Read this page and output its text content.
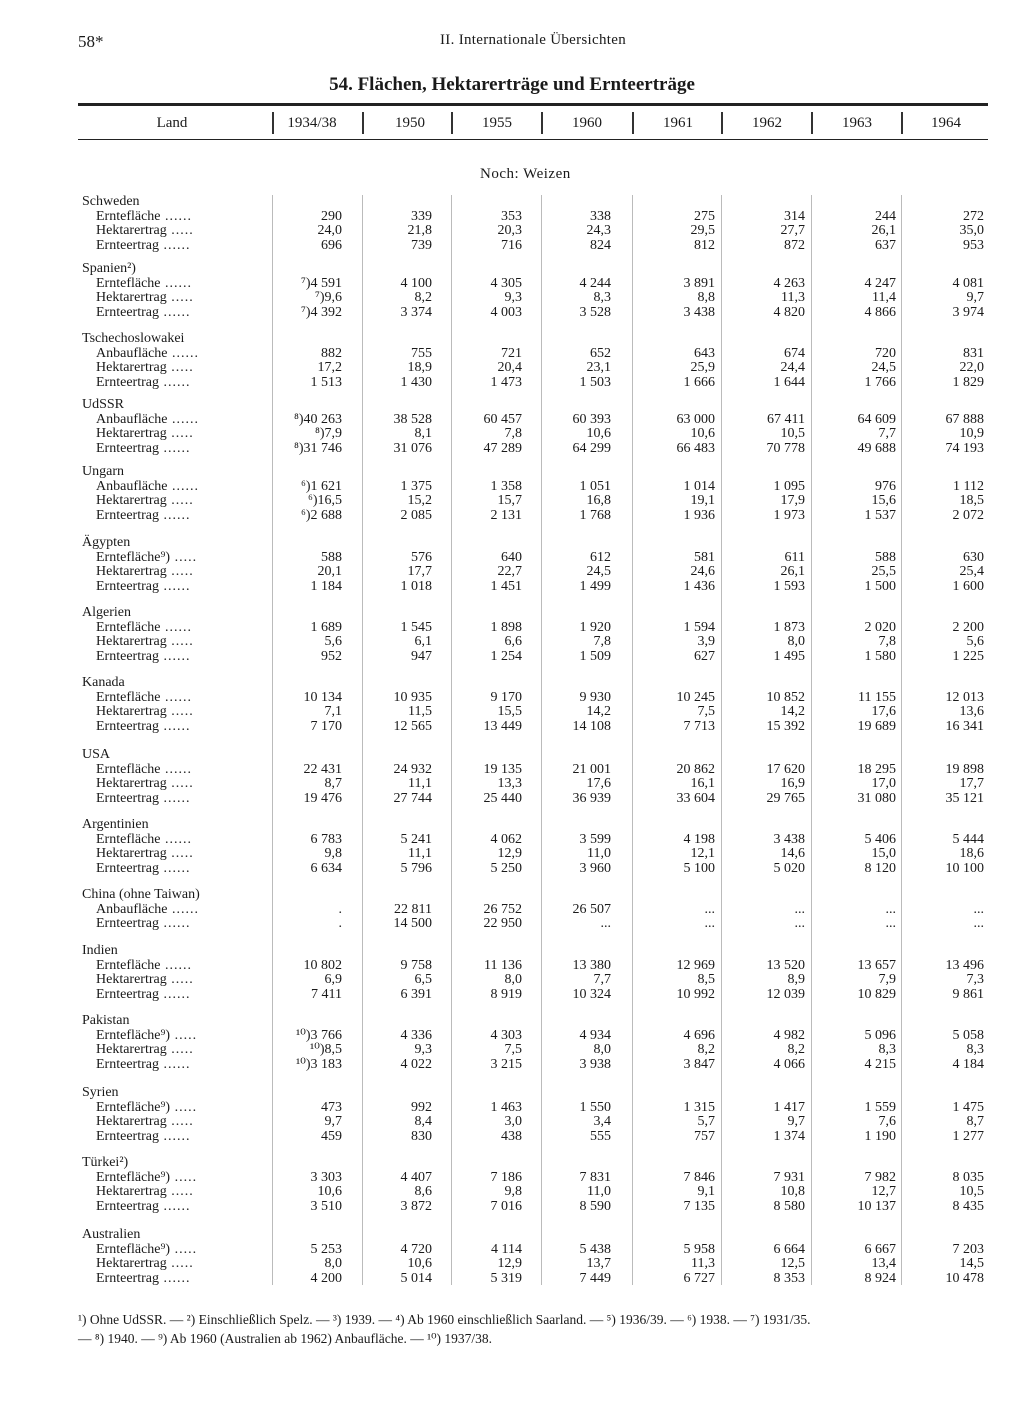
58*	II. Internationale Übersichten
54. Flächen, Hektarerträge und Ernteerträge
Land	1934/38	1950	1955	1960	1961	1962	1963	1964
Noch: Weizen
Schweden
Erntefläche ......	290	339	353	338	275	314	244	272
Hektarertrag .....	24,0	21,8	20,3	24,3	29,5	27,7	26,1	35,0
Ernteertrag ......	696	739	716	824	812	872	637	953
Spanien²)
Erntefläche ......	⁷)4 591	4 100	4 305	4 244	3 891	4 263	4 247	4 081
Hektarertrag .....	⁷)9,6	8,2	9,3	8,3	8,8	11,3	11,4	9,7
Ernteertrag ......	⁷)4 392	3 374	4 003	3 528	3 438	4 820	4 866	3 974
Tschechoslowakei
Anbaufläche ......	882	755	721	652	643	674	720	831
Hektarertrag .....	17,2	18,9	20,4	23,1	25,9	24,4	24,5	22,0
Ernteertrag ......	1 513	1 430	1 473	1 503	1 666	1 644	1 766	1 829
UdSSR
Anbaufläche ......	⁸)40 263	38 528	60 457	60 393	63 000	67 411	64 609	67 888
Hektarertrag .....	⁸)7,9	8,1	7,8	10,6	10,6	10,5	7,7	10,9
Ernteertrag ......	⁸)31 746	31 076	47 289	64 299	66 483	70 778	49 688	74 193
Ungarn
Anbaufläche ......	⁶)1 621	1 375	1 358	1 051	1 014	1 095	976	1 112
Hektarertrag .....	⁶)16,5	15,2	15,7	16,8	19,1	17,9	15,6	18,5
Ernteertrag ......	⁶)2 688	2 085	2 131	1 768	1 936	1 973	1 537	2 072
Ägypten
Erntefläche⁹) .....	588	576	640	612	581	611	588	630
Hektarertrag .....	20,1	17,7	22,7	24,5	24,6	26,1	25,5	25,4
Ernteertrag ......	1 184	1 018	1 451	1 499	1 436	1 593	1 500	1 600
Algerien
Erntefläche ......	1 689	1 545	1 898	1 920	1 594	1 873	2 020	2 200
Hektarertrag .....	5,6	6,1	6,6	7,8	3,9	8,0	7,8	5,6
Ernteertrag ......	952	947	1 254	1 509	627	1 495	1 580	1 225
Kanada
Erntefläche ......	10 134	10 935	9 170	9 930	10 245	10 852	11 155	12 013
Hektarertrag .....	7,1	11,5	15,5	14,2	7,5	14,2	17,6	13,6
Ernteertrag ......	7 170	12 565	13 449	14 108	7 713	15 392	19 689	16 341
USA
Erntefläche ......	22 431	24 932	19 135	21 001	20 862	17 620	18 295	19 898
Hektarertrag .....	8,7	11,1	13,3	17,6	16,1	16,9	17,0	17,7
Ernteertrag ......	19 476	27 744	25 440	36 939	33 604	29 765	31 080	35 121
Argentinien
Erntefläche ......	6 783	5 241	4 062	3 599	4 198	3 438	5 406	5 444
Hektarertrag .....	9,8	11,1	12,9	11,0	12,1	14,6	15,0	18,6
Ernteertrag ......	6 634	5 796	5 250	3 960	5 100	5 020	8 120	10 100
China (ohne Taiwan)
Anbaufläche ......	.	22 811	26 752	26 507	...	...	...	...
Ernteertrag ......	.	14 500	22 950	...	...	...	...	...
Indien
Erntefläche ......	10 802	9 758	11 136	13 380	12 969	13 520	13 657	13 496
Hektarertrag .....	6,9	6,5	8,0	7,7	8,5	8,9	7,9	7,3
Ernteertrag ......	7 411	6 391	8 919	10 324	10 992	12 039	10 829	9 861
Pakistan
Erntefläche⁹) .....	¹⁰)3 766	4 336	4 303	4 934	4 696	4 982	5 096	5 058
Hektarertrag .....	¹⁰)8,5	9,3	7,5	8,0	8,2	8,2	8,3	8,3
Ernteertrag ......	¹⁰)3 183	4 022	3 215	3 938	3 847	4 066	4 215	4 184
Syrien
Erntefläche⁹) .....	473	992	1 463	1 550	1 315	1 417	1 559	1 475
Hektarertrag .....	9,7	8,4	3,0	3,4	5,7	9,7	7,6	8,7
Ernteertrag ......	459	830	438	555	757	1 374	1 190	1 277
Türkei²)
Erntefläche⁹) .....	3 303	4 407	7 186	7 831	7 846	7 931	7 982	8 035
Hektarertrag .....	10,6	8,6	9,8	11,0	9,1	10,8	12,7	10,5
Ernteertrag ......	3 510	3 872	7 016	8 590	7 135	8 580	10 137	8 435
Australien
Erntefläche⁹) .....	5 253	4 720	4 114	5 438	5 958	6 664	6 667	7 203
Hektarertrag .....	8,0	10,6	12,9	13,7	11,3	12,5	13,4	14,5
Ernteertrag ......	4 200	5 014	5 319	7 449	6 727	8 353	8 924	10 478
¹) Ohne UdSSR. — ²) Einschließlich Spelz. — ³) 1939. — ⁴) Ab 1960 einschließlich Saarland. — ⁵) 1936/39. — ⁶) 1938. — ⁷) 1931/35.
— ⁸) 1940. — ⁹) Ab 1960 (Australien ab 1962) Anbaufläche. — ¹⁰) 1937/38.
